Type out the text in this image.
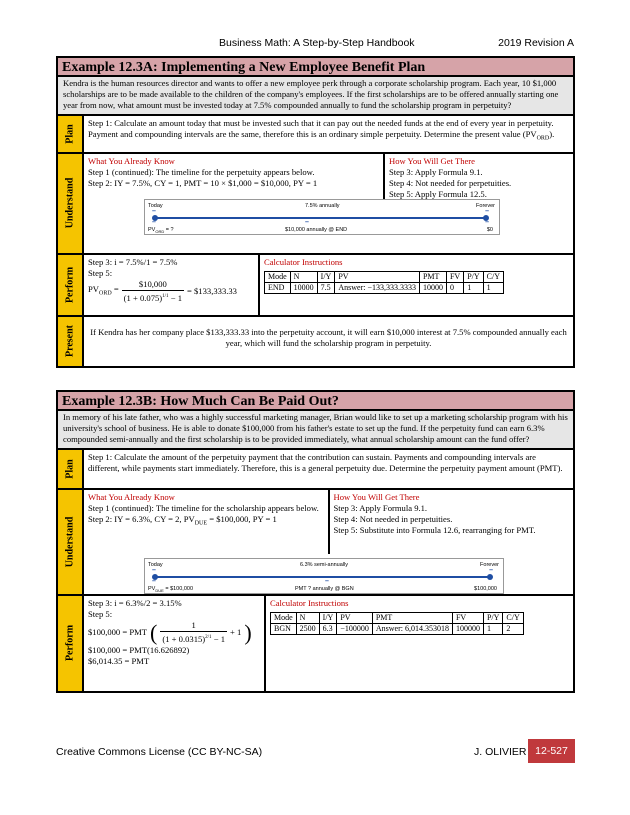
Business Math: A Step-by-Step Handbook	2019 Revision A
Example 12.3A: Implementing a New Employee Benefit Plan
Kendra is the human resources director and wants to offer a new employee perk through a corporate scholarship program. Each year, 10 $1,000 scholarships are to be made available to the children of the company's employees. If the first scholarships are to be offered annually starting one year from now, what amount must be invested today at 7.5% compounded annually to fund the scholarship program in perpetuity?
Plan
Step 1: Calculate an amount today that must be invested such that it can pay out the needed funds at the end of every year in perpetuity. Payment and compounding intervals are the same, therefore this is an ordinary simple perpetuity. Determine the present value $(PV_{ORD})$.
Understand
What You Already Know
Step 1 (continued): The timeline for the perpetuity appears below.
Step 2: IY = 7.5%, CY = 1, PMT = 10 × $1,000 = $10,000, PY = 1
How You Will Get There
Step 3: Apply Formula 9.1.
Step 4: Not needed for perpetuities.
Step 5: Apply Formula 12.5.
Today	7.5% annually	Forever
–	–
–	–	–
$PV_{ORD}$ = ?	$10,000 annually @ END	$0
Perform
Step 3: i = 7.5%/1 = 7.5%
Step 5:
$PV_{ORD} = \frac{\$10,000}{(1 + 0.075)^{1/1} - 1}$ = $133,333.33
Calculator Instructions
Mode	N	I/Y	PV	PMT	FV	P/Y	C/Y
END	10000	7.5	Answer: −133,333.3333	10000	0	1	1
Present	If Kendra has her company place $133,333.33 into the perpetuity account, it will earn $10,000 interest at 7.5% compounded annually each year, which will fund the scholarship program in perpetuity.
Example 12.3B: How Much Can Be Paid Out?
In memory of his late father, who was a highly successful marketing manager, Brian would like to set up a marketing scholarship program with his university's school of business. He is able to donate $100,000 from his father's estate to set up the fund. If the perpetuity fund can earn 6.3% compounded semi-annually and the first scholarship is to be provided immediately, what annual scholarship amount can the fund offer?
Plan
Step 1: Calculate the amount of the perpetuity payment that the contribution can sustain. Payments and compounding intervals are different, while payments start immediately. Therefore, this is a general perpetuity due. Determine the perpetuity payment amount (PMT).
Understand
What You Already Know
Step 1 (continued): The timeline for the scholarship appears below.
Step 2: IY = 6.3%, CY = 2, $PV_{DUE}$ = $100,000, PY = 1
How You Will Get There
Step 3: Apply Formula 9.1.
Step 4: Not needed in perpetuities.
Step 5: Substitute into Formula 12.6, rearranging for PMT.
Today	6.3% semi-annually	Forever
–	–
–	–
$PV_{DUE}$ = $100,000	PMT ? annually @ BGN	$100,000
Perform
Step 3: i = 6.3%/2 = 3.15%
Step 5:
$100,000 = PMT ( $\frac{1}{(1 + 0.0315)^{2/1} - 1} + 1$ )
$100,000 = PMT(16.626892)
$6,014.35 = PMT
Calculator Instructions
Mode	N	I/Y	PV	PMT	FV	P/Y	C/Y
BGN	2500	6.3	−100000	Answer: 6,014.353018	100000	1	2
Creative Commons License (CC BY-NC-SA)	J. OLIVIER 12-527
